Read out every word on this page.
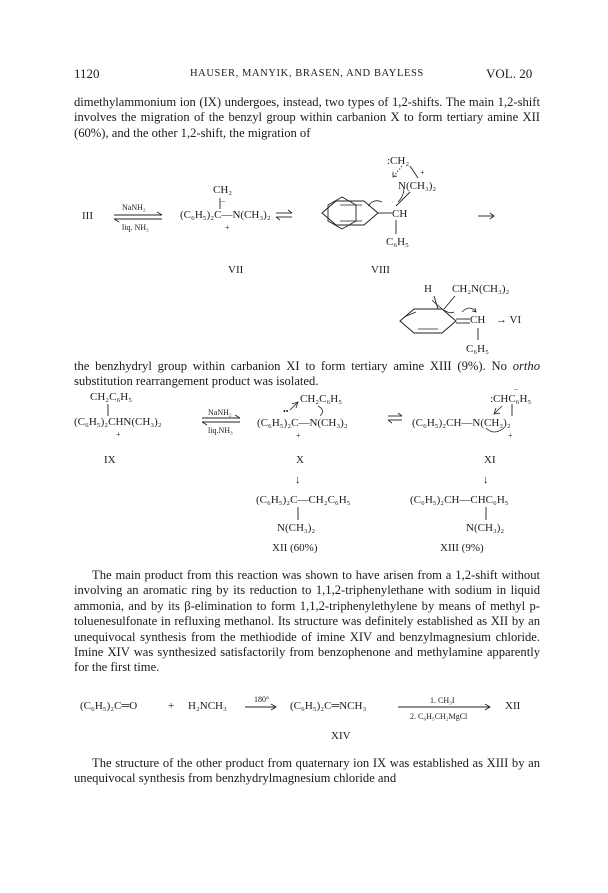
1120	HAUSER, MANYIK, BRASEN, AND BAYLESS	VOL. 20

dimethylammonium ion (IX) undergoes, instead, two types of 1,2-shifts. The main 1,2-shift involves the migration of the benzyl group within carbanion X to form tertiary amine XII (60%), and the other 1,2-shift, the migration of

III
NaNH₂
liq. NH₃
CH₂
−
(C₆H₅)₂C—N(CH₃)₂
+
:CH₂
+
N(CH₃)₂
CH
C₆H₅
VII	VIII
H CH₂N(CH₃)₂
CH → VI
C₆H₅

the benzhydryl group within carbanion XI to form tertiary amine XIII (9%). No ortho substitution rearrangement product was isolated.

CH₂C₆H₅
(C₆H₅)₂CHN(CH₃)₂
+
NaNH₂
liq.NH₃
CH₂C₆H₅
••
(C₆H₅)₂C—N(CH₃)₂
+
−
:CHC₆H₅
(C₆H₅)₂CH—N(CH₃)₂
+
IX	X	XI
↓	↓
(C₆H₅)₂C—CH₂C₆H₅
N(CH₃)₂
XII (60%)
(C₆H₅)₂CH—CHC₆H₅
N(CH₃)₂
XIII (9%)

The main product from this reaction was shown to have arisen from a 1,2-shift without involving an aromatic ring by its reduction to 1,1,2-triphenylethane with sodium in liquid ammonia, and by its β-elimination to form 1,1,2-triphenylethylene by means of methyl p-toluenesulfonate in refluxing methanol. Its structure was definitely established as XII by an unequivocal synthesis from the methiodide of imine XIV and benzylmagnesium chloride. Imine XIV was synthesized satisfactorily from benzophenone and methylamine apparently for the first time.

(C₆H₅)₂C═O	+ H₂NCH₃
180°
(C₆H₅)₂C═NCH₃	1. CH₃I
2. C₆H₅CH₂MgCl
XII
XIV

The structure of the other product from quaternary ion IX was established as XIII by an unequivocal synthesis from benzhydrylmagnesium chloride and
